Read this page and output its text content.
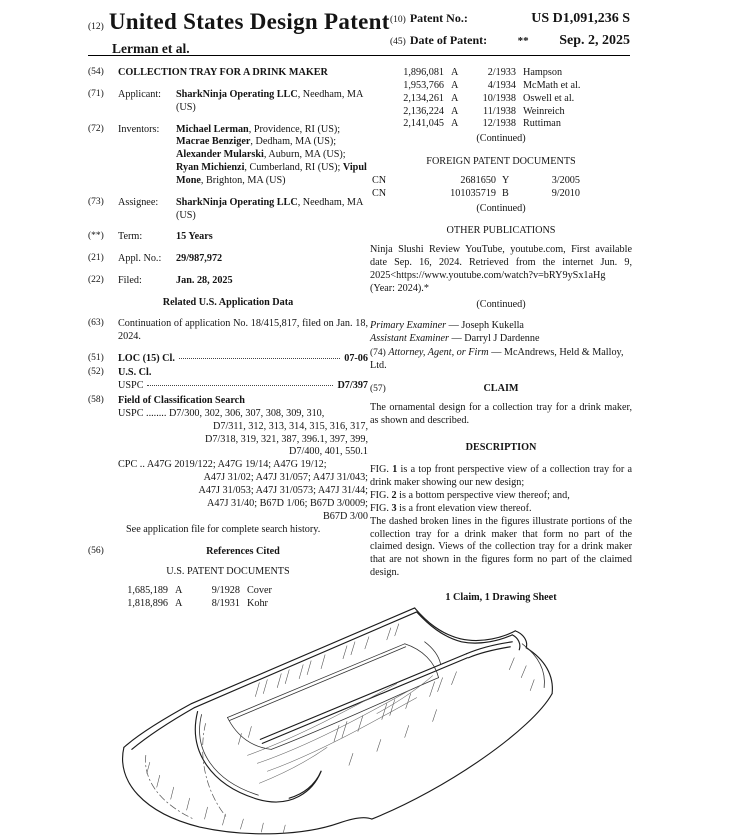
(12) United States Design Patent
Lerman et al.
(10) Patent No.:	US D1,091,236 S
(45) Date of Patent:	**	Sep. 2, 2025
(54)	COLLECTION TRAY FOR A DRINK MAKER
(71)	Applicant:	SharkNinja Operating LLC, Needham, MA (US)
(72)	Inventors:	Michael Lerman, Providence, RI (US); Macrae Benziger, Dedham, MA (US); Alexander Mularski, Auburn, MA (US); Ryan Michienzi, Cumberland, RI (US); Vipul Mone, Brighton, MA (US)
(73)	Assignee:	SharkNinja Operating LLC, Needham, MA (US)
(**)	Term:	15 Years
(21)	Appl. No.:	29/987,972
(22)	Filed:	Jan. 28, 2025
Related U.S. Application Data
(63)	Continuation of application No. 18/415,817, filed on Jan. 18, 2024.
(51)	LOC (15) Cl.	07-06
(52)	U.S. Cl.
USPC	D7/397
(58)	Field of Classification Search
USPC ........ D7/300, 302, 306, 307, 308, 309, 310,
D7/311, 312, 313, 314, 315, 316, 317,
D7/318, 319, 321, 387, 396.1, 397, 399,
D7/400, 401, 550.1
CPC .. A47G 2019/122; A47G 19/14; A47G 19/12;
A47J 31/02; A47J 31/057; A47J 31/043;
A47J 31/053; A47J 31/0573; A47J 31/44;
A47J 31/40; B67D 1/06; B67D 3/0009;
B67D 3/00
See application file for complete search history.
(56)	References Cited
U.S. PATENT DOCUMENTS
1,685,189 A	9/1928 Cover
1,818,896 A	8/1931 Kohr
1,896,081 A	2/1933 Hampson
1,953,766 A	4/1934 McMath et al.
2,134,261 A	10/1938 Oswell et al.
2,136,224 A	11/1938 Weinreich
2,141,045 A	12/1938 Ruttiman
(Continued)
FOREIGN PATENT DOCUMENTS
CN	2681650 Y	3/2005
CN	101035719 B	9/2010
(Continued)
OTHER PUBLICATIONS
Ninja Slushi Review YouTube, youtube.com, First available date Sep. 16, 2024. Retrieved from the internet Jun. 9, 2025<https://www.youtube.com/watch?v=bRY9ySx1aHg (Year: 2024).*
(Continued)
Primary Examiner — Joseph Kukella
Assistant Examiner — Darryl J Dardenne
(74) Attorney, Agent, or Firm — McAndrews, Held & Malloy, Ltd.
(57)	CLAIM
The ornamental design for a collection tray for a drink maker, as shown and described.
DESCRIPTION
FIG. 1 is a top front perspective view of a collection tray for a drink maker showing our new design;
FIG. 2 is a bottom perspective view thereof; and,
FIG. 3 is a front elevation view thereof.
The dashed broken lines in the figures illustrate portions of the collection tray for a drink maker that form no part of the claimed design. Views of the collection tray for a drink maker that are not shown in the figures form no part of the claimed design.
1 Claim, 1 Drawing Sheet
